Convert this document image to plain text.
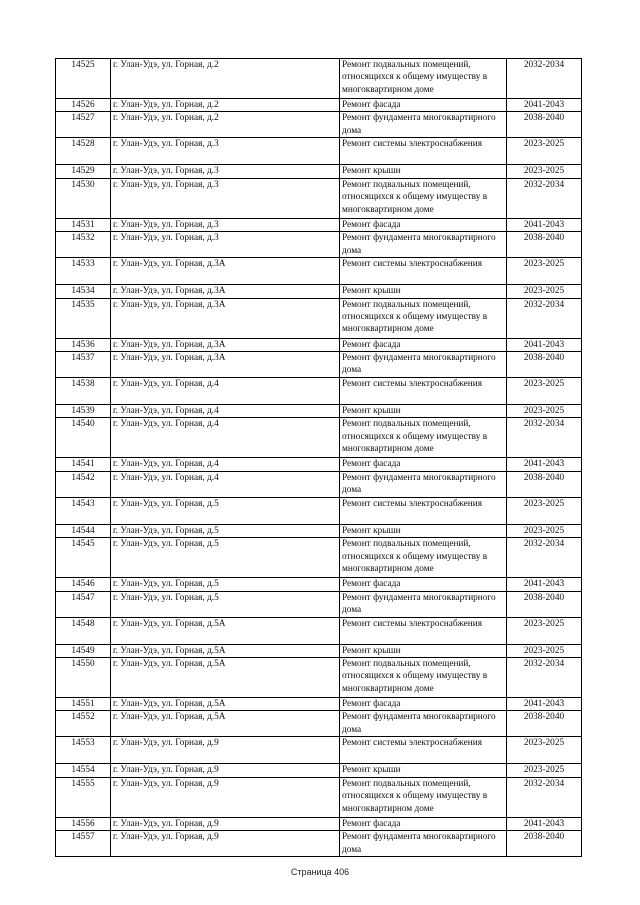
14525	г. Улан-Удэ, ул. Горная, д.2	Ремонт подвальных помещений, относящихся к общему имуществу в многоквартирном доме	2032-2034
14526	г. Улан-Удэ, ул. Горная, д.2	Ремонт фасада	2041-2043
14527	г. Улан-Удэ, ул. Горная, д.2	Ремонт фундамента многоквартирного дома	2038-2040
14528	г. Улан-Удэ, ул. Горная, д.3	Ремонт системы электроснабжения	2023-2025
14529	г. Улан-Удэ, ул. Горная, д.3	Ремонт крыши	2023-2025
14530	г. Улан-Удэ, ул. Горная, д.3	Ремонт подвальных помещений, относящихся к общему имуществу в многоквартирном доме	2032-2034
14531	г. Улан-Удэ, ул. Горная, д.3	Ремонт фасада	2041-2043
14532	г. Улан-Удэ, ул. Горная, д.3	Ремонт фундамента многоквартирного дома	2038-2040
14533	г. Улан-Удэ, ул. Горная, д.3А	Ремонт системы электроснабжения	2023-2025
14534	г. Улан-Удэ, ул. Горная, д.3А	Ремонт крыши	2023-2025
14535	г. Улан-Удэ, ул. Горная, д.3А	Ремонт подвальных помещений, относящихся к общему имуществу в многоквартирном доме	2032-2034
14536	г. Улан-Удэ, ул. Горная, д.3А	Ремонт фасада	2041-2043
14537	г. Улан-Удэ, ул. Горная, д.3А	Ремонт фундамента многоквартирного дома	2038-2040
14538	г. Улан-Удэ, ул. Горная, д.4	Ремонт системы электроснабжения	2023-2025
14539	г. Улан-Удэ, ул. Горная, д.4	Ремонт крыши	2023-2025
14540	г. Улан-Удэ, ул. Горная, д.4	Ремонт подвальных помещений, относящихся к общему имуществу в многоквартирном доме	2032-2034
14541	г. Улан-Удэ, ул. Горная, д.4	Ремонт фасада	2041-2043
14542	г. Улан-Удэ, ул. Горная, д.4	Ремонт фундамента многоквартирного дома	2038-2040
14543	г. Улан-Удэ, ул. Горная, д.5	Ремонт системы электроснабжения	2023-2025
14544	г. Улан-Удэ, ул. Горная, д.5	Ремонт крыши	2023-2025
14545	г. Улан-Удэ, ул. Горная, д.5	Ремонт подвальных помещений, относящихся к общему имуществу в многоквартирном доме	2032-2034
14546	г. Улан-Удэ, ул. Горная, д.5	Ремонт фасада	2041-2043
14547	г. Улан-Удэ, ул. Горная, д.5	Ремонт фундамента многоквартирного дома	2038-2040
14548	г. Улан-Удэ, ул. Горная, д.5А	Ремонт системы электроснабжения	2023-2025
14549	г. Улан-Удэ, ул. Горная, д.5А	Ремонт крыши	2023-2025
14550	г. Улан-Удэ, ул. Горная, д.5А	Ремонт подвальных помещений, относящихся к общему имуществу в многоквартирном доме	2032-2034
14551	г. Улан-Удэ, ул. Горная, д.5А	Ремонт фасада	2041-2043
14552	г. Улан-Удэ, ул. Горная, д.5А	Ремонт фундамента многоквартирного дома	2038-2040
14553	г. Улан-Удэ, ул. Горная, д.9	Ремонт системы электроснабжения	2023-2025
14554	г. Улан-Удэ, ул. Горная, д.9	Ремонт крыши	2023-2025
14555	г. Улан-Удэ, ул. Горная, д.9	Ремонт подвальных помещений, относящихся к общему имуществу в многоквартирном доме	2032-2034
14556	г. Улан-Удэ, ул. Горная, д.9	Ремонт фасада	2041-2043
14557	г. Улан-Удэ, ул. Горная, д.9	Ремонт фундамента многоквартирного дома	2038-2040
Страница 406
